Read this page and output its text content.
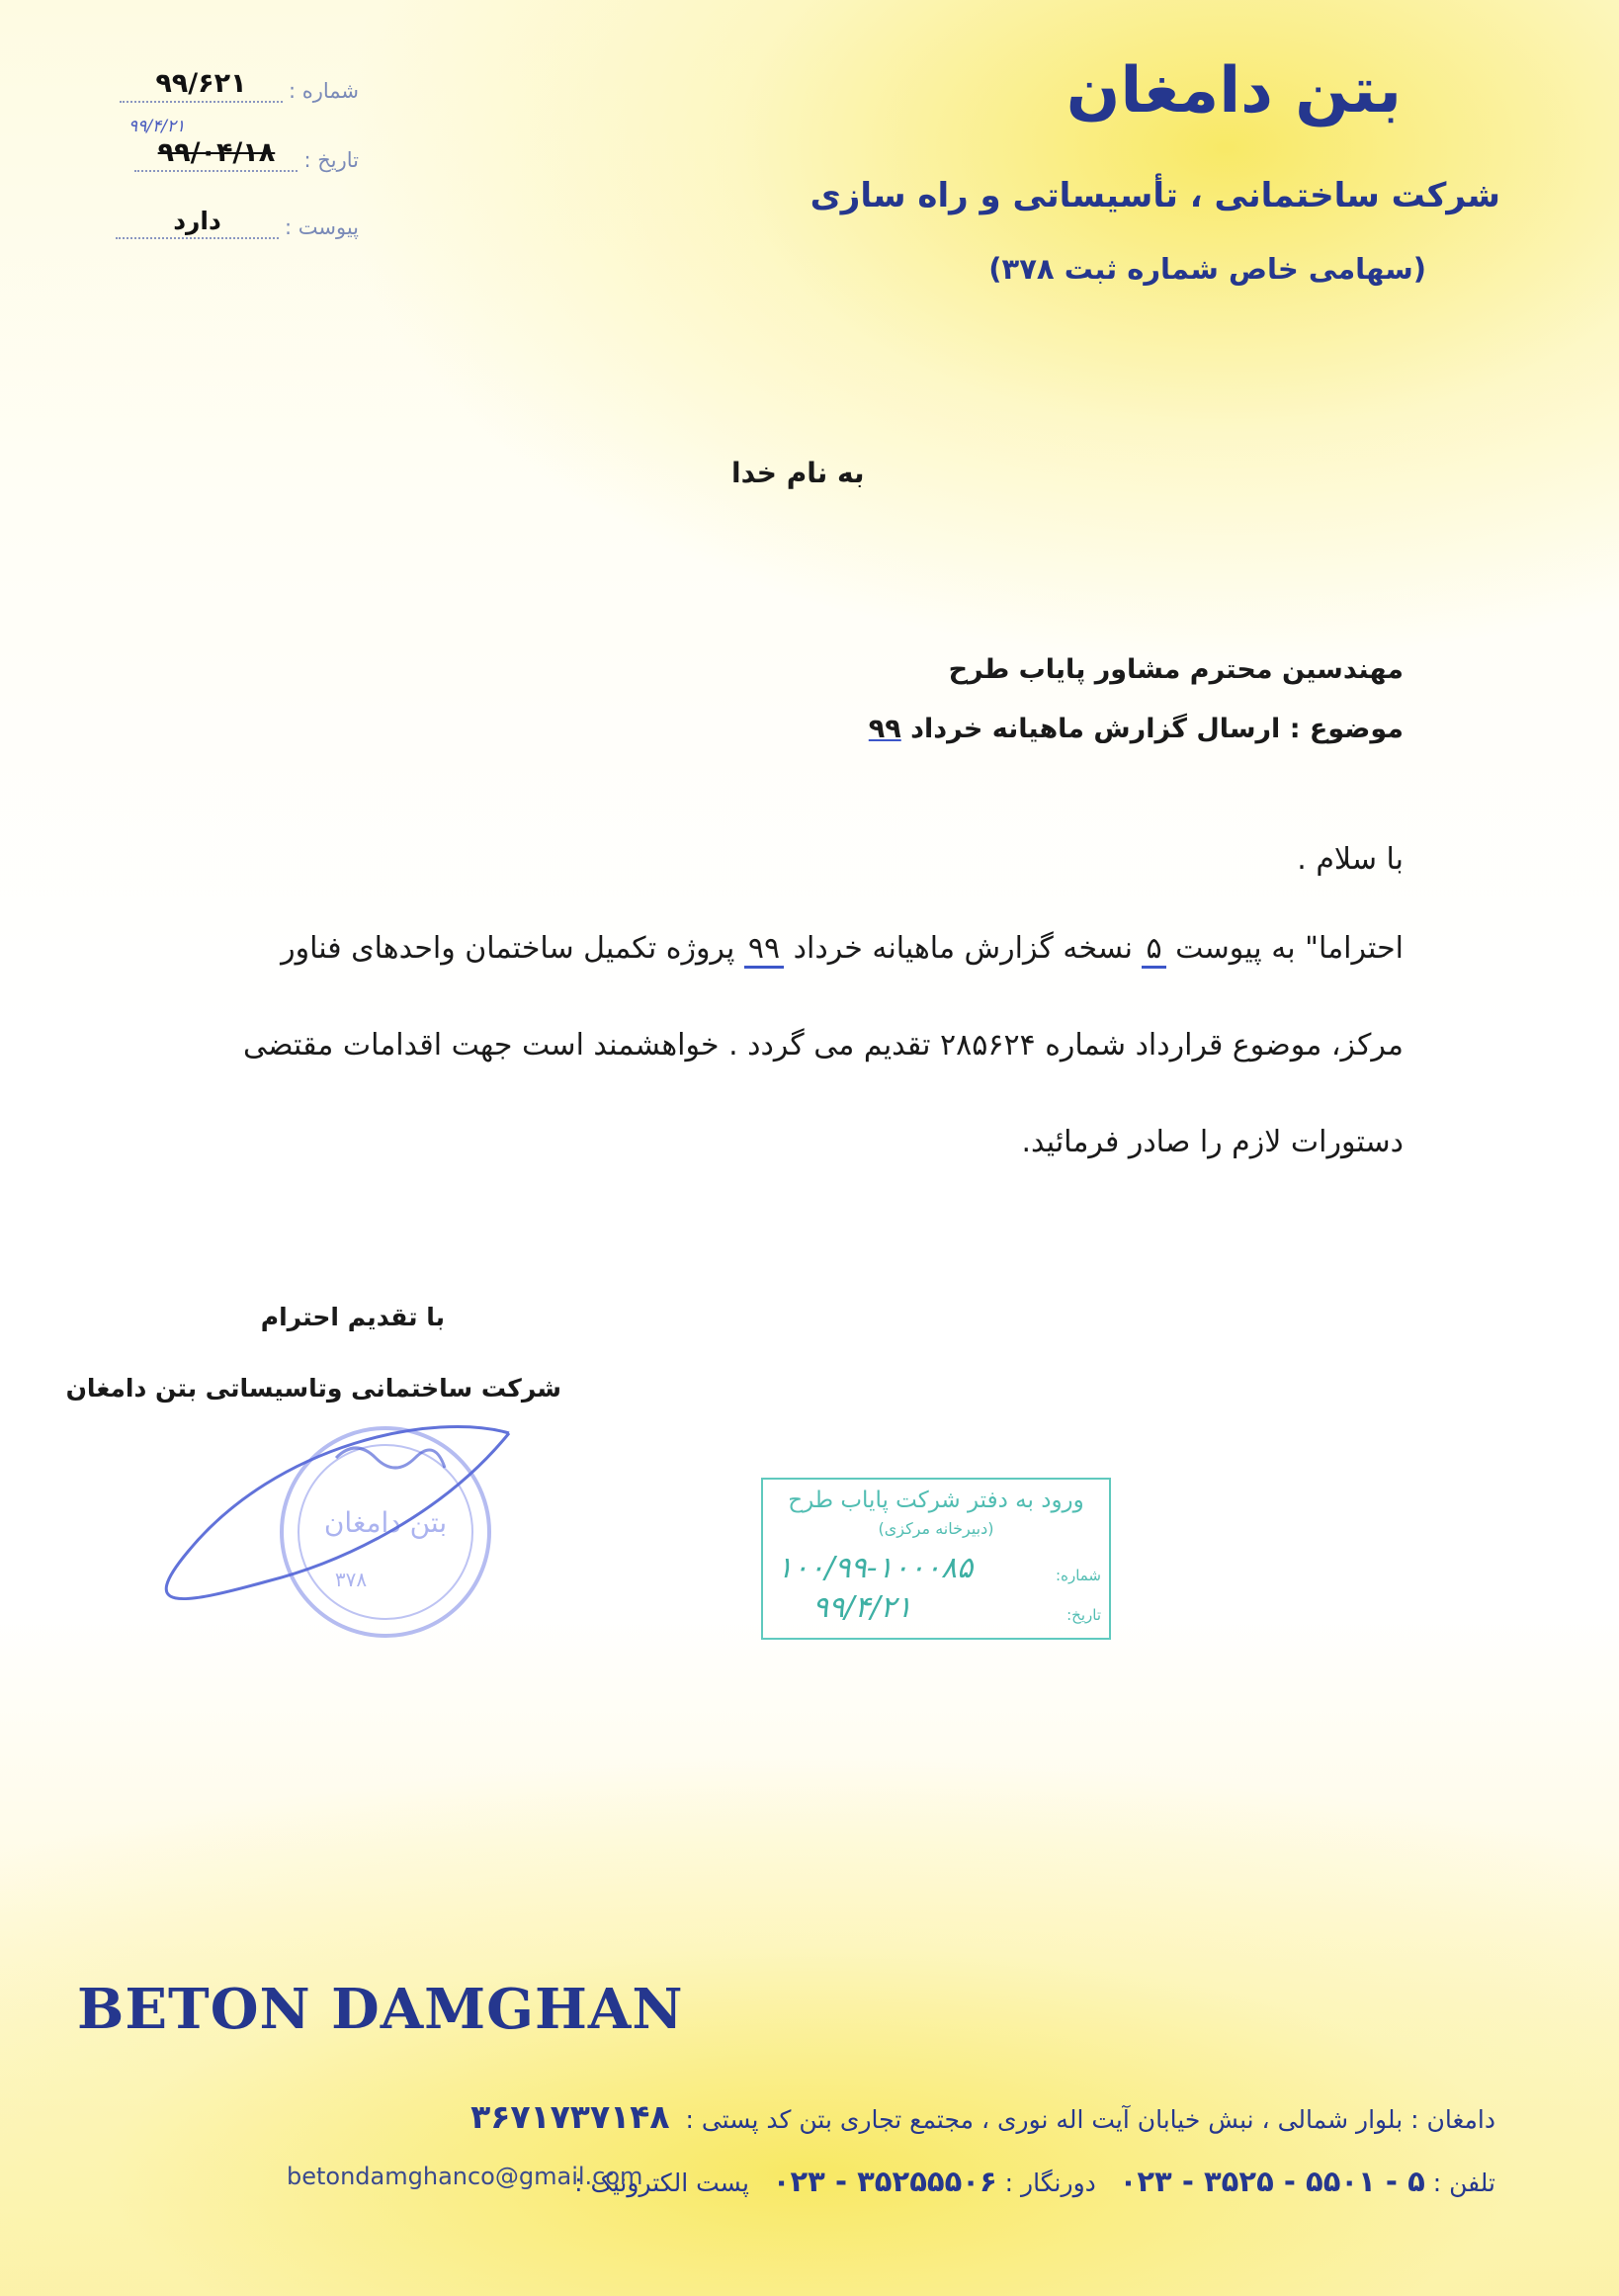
بتن دامغان
شرکت ساختمانی ، تأسیساتی و راه سازی
(سهامی خاص شماره ثبت ۳۷۸)
شماره :
۹۹/۶۲۱
۹۹/۴/۲۱
تاریخ :
۹۹/۰۴/۱۸
پیوست :
دارد
به نام خدا
مهندسین محترم مشاور پایاب طرح
موضوع : ارسال گزارش ماهیانه خرداد ۹۹
با سلام .
احتراما" به پیوست ۵ نسخه گزارش ماهیانه خرداد ۹۹ پروژه تکمیل ساختمان واحدهای فناور
مرکز، موضوع قرارداد شماره ۲۸۵۶۲۴ تقدیم می گردد . خواهشمند است جهت اقدامات مقتضی
دستورات لازم را صادر فرمائید.
با تقدیم احترام
شرکت ساختمانی وتاسیساتی بتن دامغان
بتن دامغان
۳۷۸
ورود به دفتر شرکت پایاب طرح
(دبیرخانه مرکزی)
شماره:
۱۰۰/۹۹-۱۰۰۰۸۵
تاریخ:
۹۹/۴/۲۱
BETON DAMGHAN
دامغان : بلوار شمالی ، نبش خیابان آیت اله نوری ، مجتمع تجاری بتن کد پستی : ۳۶۷۱۷۳۷۱۴۸
تلفن : ۵ - ۵۵۰۱ - ۳۵۲۵ - ۰۲۳   دورنگار : ۳۵۲۵۵۵۰۶ - ۰۲۳   پست الکترونیک :
betondamghanco@gmail.com
